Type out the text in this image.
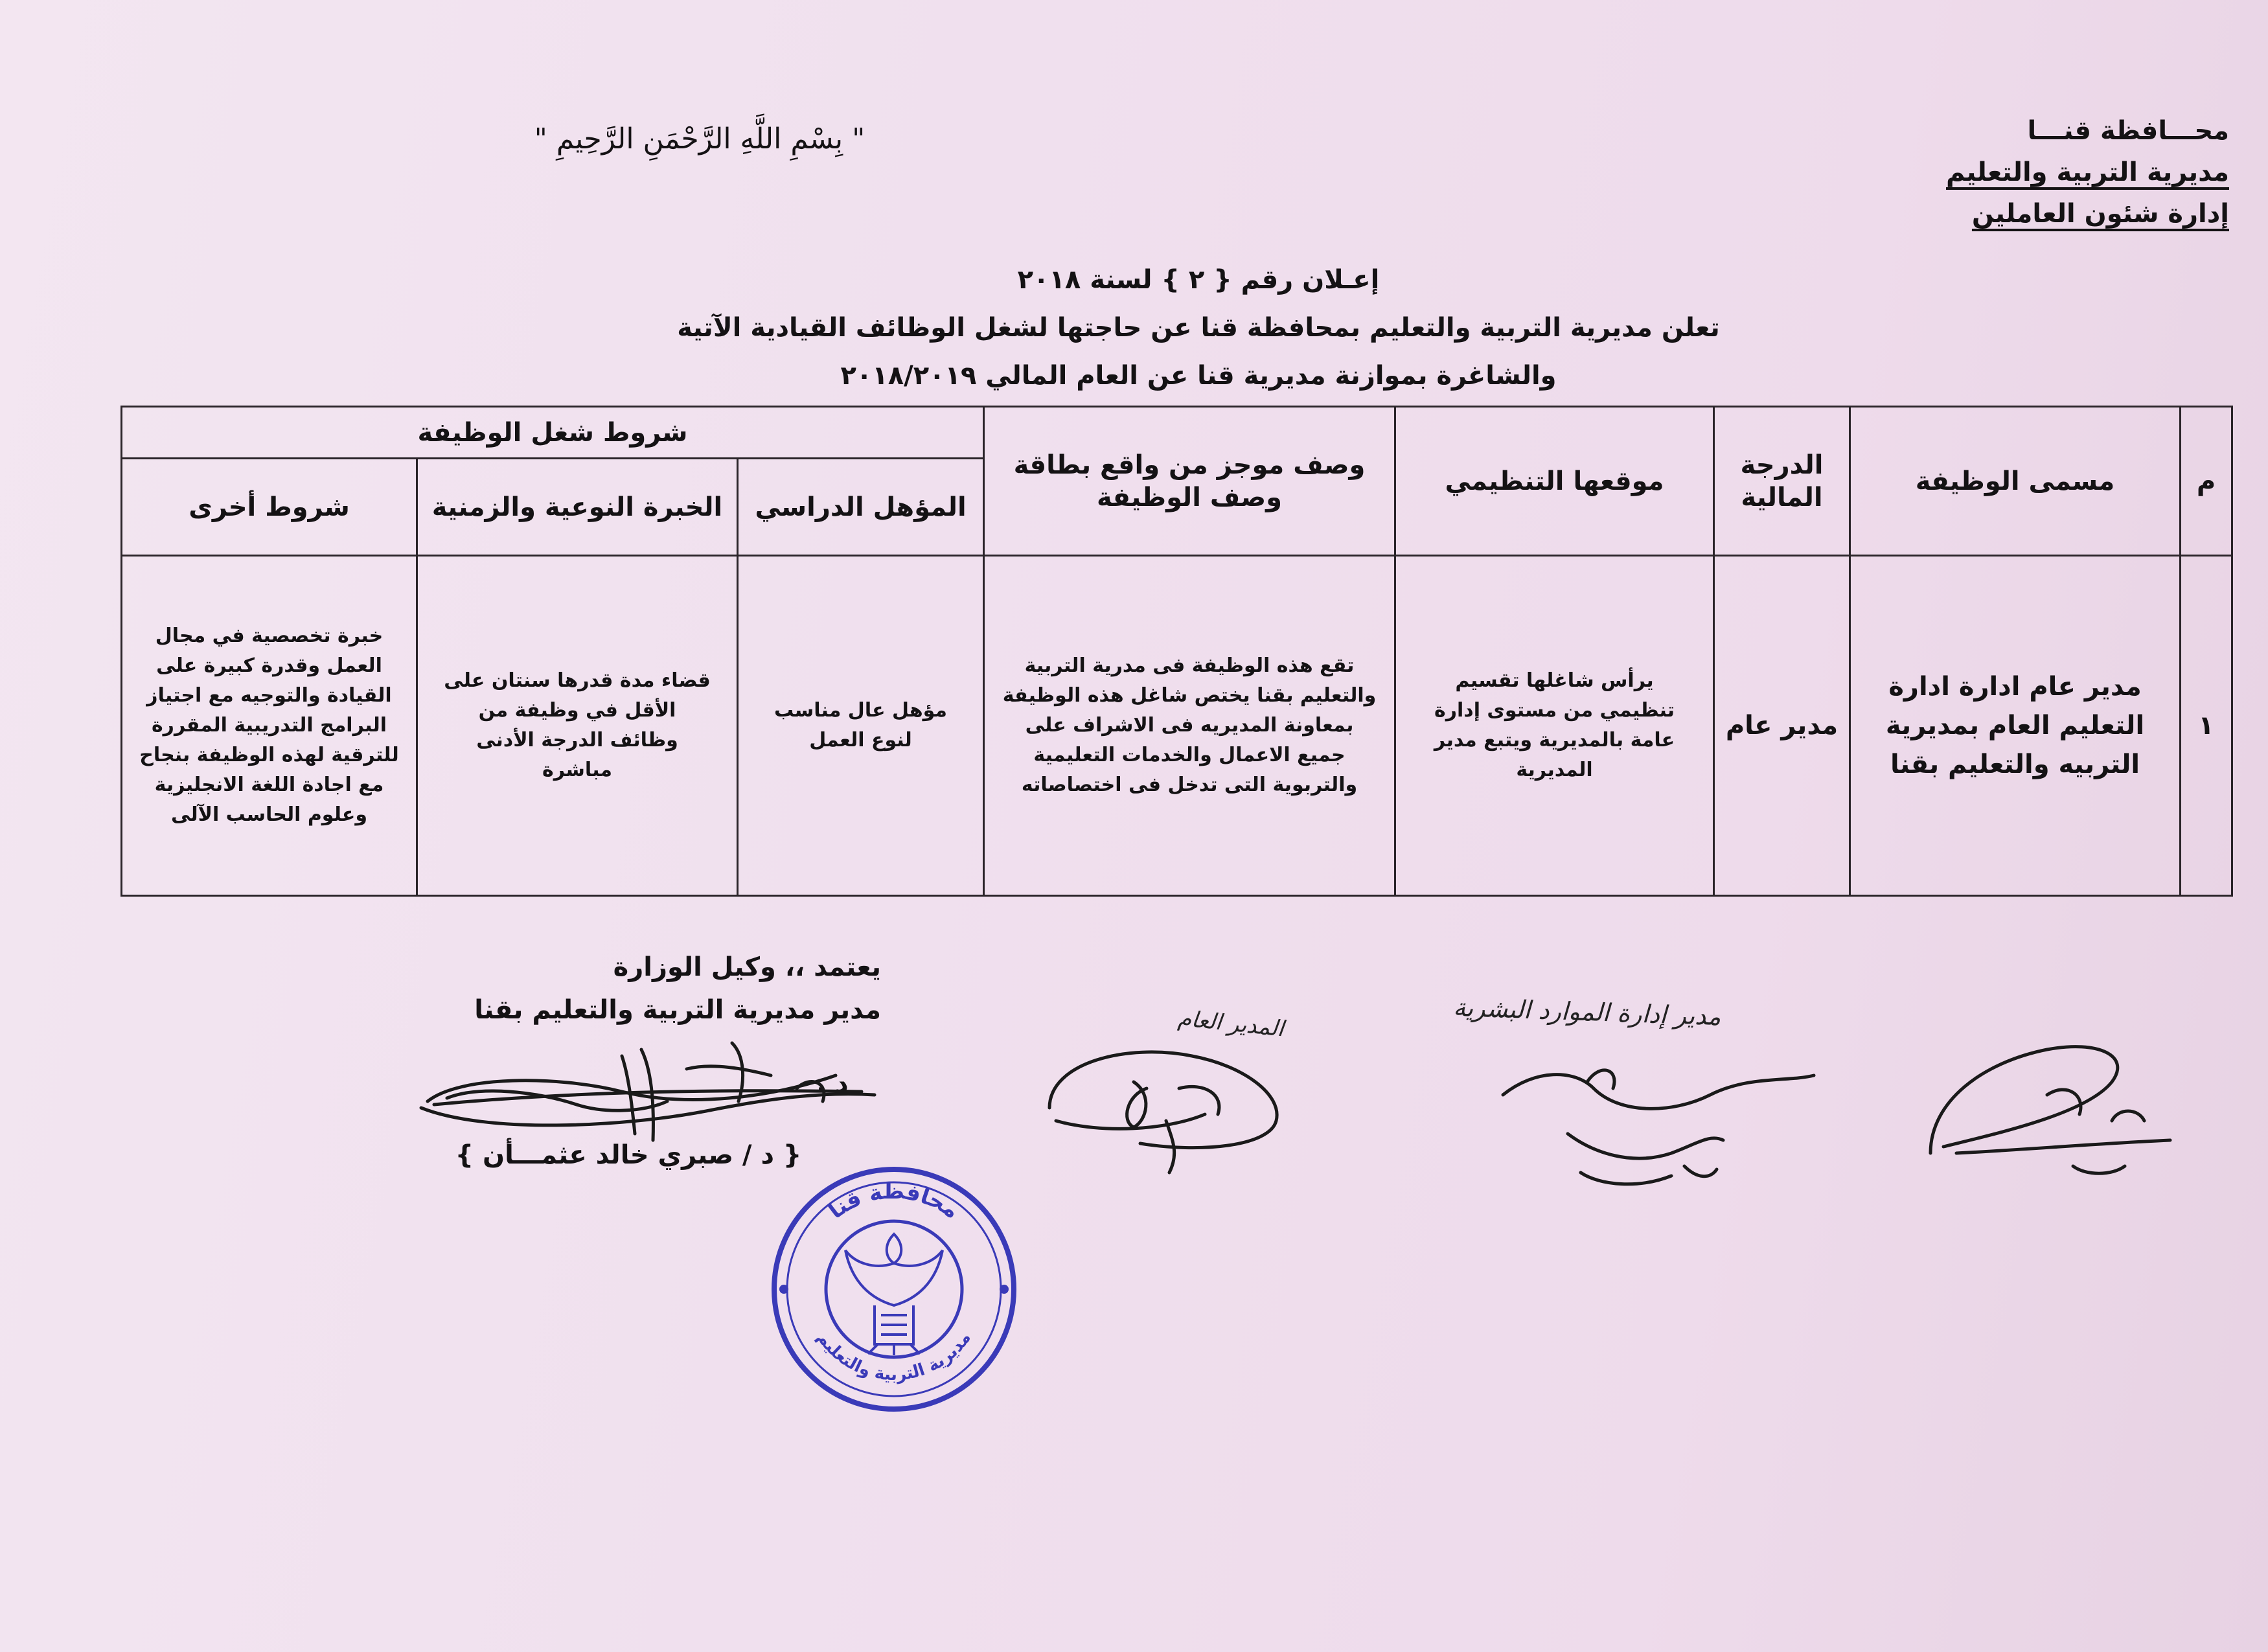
محـــافظة قنـــا
مديرية التربية والتعليم
إدارة شئون العاملين
" بِسْمِ اللَّهِ الرَّحْمَنِ الرَّحِيمِ "
إعـلان رقم { ٢ } لسنة ٢٠١٨
تعلن مديرية التربية والتعليم بمحافظة قنا عن حاجتها لشغل الوظائف القيادية الآتية
والشاغرة بموازنة مديرية قنا عن العام المالي ٢٠١٨/٢٠١٩
م	مسمى الوظيفة	الدرجة المالية	موقعها التنظيمي	وصف موجز من واقع بطاقة وصف الوظيفة	شروط شغل الوظيفة		
					المؤهل الدراسي	الخبرة النوعية والزمنية	شروط أخرى
١	مدير عام ادارة ادارة التعليم العام بمديرية التربيه والتعليم بقنا	مدير عام	يرأس شاغلها تقسيم تنظيمي من مستوى إدارة عامة بالمديرية ويتبع مدير المديرية	تقع هذه الوظيفة فى مدرية التربية والتعليم بقنا يختص شاغل هذه الوظيفة بمعاونة المديريه فى الاشراف على جميع الاعمال والخدمات التعليمية والتربوية التى تدخل فى اختصاصاته	مؤهل عال مناسب لنوع العمل	قضاء مدة قدرها سنتان على الأقل في وظيفة من وظائف الدرجة الأدنى مباشرة	خبرة تخصصية في مجال العمل وقدرة كبيرة على القيادة والتوجيه مع اجتياز البرامج التدريبية المقررة للترقية لهذه الوظيفة بنجاح مع اجادة اللغة الانجليزية وعلوم الحاسب الآلى
يعتمد ،، وكيل الوزارة
مدير مديرية التربية والتعليم بقنا
د .
{ د / صبري خالد عثمـــأن }
مدير إدارة الموارد البشرية
المدير العام
محافظة قنا
مديرية التربية والتعليم
